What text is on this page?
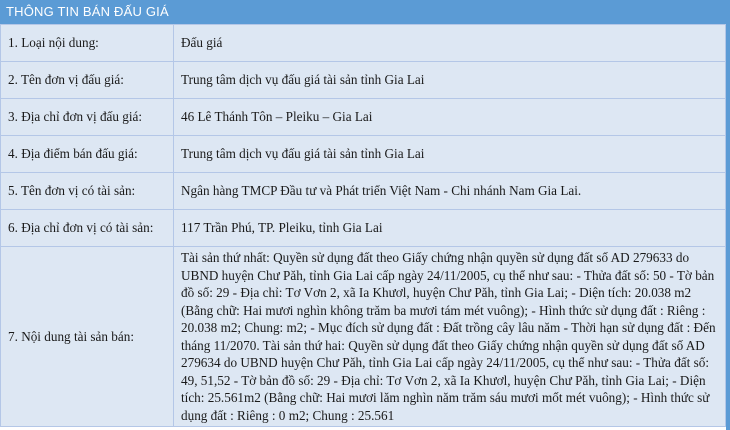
THÔNG TIN BÁN ĐẤU GIÁ
1. Loại nội dung:	Đấu giá
2. Tên đơn vị đấu giá:	Trung tâm dịch vụ đấu giá tài sản tỉnh Gia Lai
3. Địa chỉ đơn vị đấu giá:	46 Lê Thánh Tôn – Pleiku – Gia Lai
4. Địa điểm bán đấu giá:	Trung tâm dịch vụ đấu giá tài sản tỉnh Gia Lai
5. Tên đơn vị có tài sản:	Ngân hàng TMCP Đầu tư và Phát triển Việt Nam - Chi nhánh Nam Gia Lai.
6. Địa chỉ đơn vị có tài sản:	117 Trần Phú, TP. Pleiku, tỉnh Gia Lai
7. Nội dung tài sản bán:	Tài sản thứ nhất: Quyền sử dụng đất theo Giấy chứng nhận quyền sử dụng đất số AD 279633 do UBND huyện Chư Păh, tỉnh Gia Lai cấp ngày 24/11/2005, cụ thể như sau: - Thửa đất số: 50 - Tờ bản đồ số: 29 - Địa chỉ: Tơ Vơn 2, xã Ia Khươl, huyện Chư Păh, tỉnh Gia Lai; - Diện tích: 20.038 m2 (Bằng chữ: Hai mươi nghìn không trăm ba mươi tám mét vuông); - Hình thức sử dụng đất : Riêng : 20.038 m2; Chung: m2; - Mục đích sử dụng đất : Đất trồng cây lâu năm - Thời hạn sử dụng đất : Đến tháng 11/2070. Tài sản thứ hai: Quyền sử dụng đất theo Giấy chứng nhận quyền sử dụng đất số AD 279634 do UBND huyện Chư Păh, tỉnh Gia Lai cấp ngày 24/11/2005, cụ thể như sau: - Thửa đất số: 49, 51,52 - Tờ bản đồ số: 29 - Địa chỉ: Tơ Vơn 2, xã Ia Khươl, huyện Chư Păh, tỉnh Gia Lai; - Diện tích: 25.561m2 (Bằng chữ: Hai mươi lăm nghìn năm trăm sáu mươi mốt mét vuông); - Hình thức sử dụng đất : Riêng : 0 m2; Chung : 25.561
